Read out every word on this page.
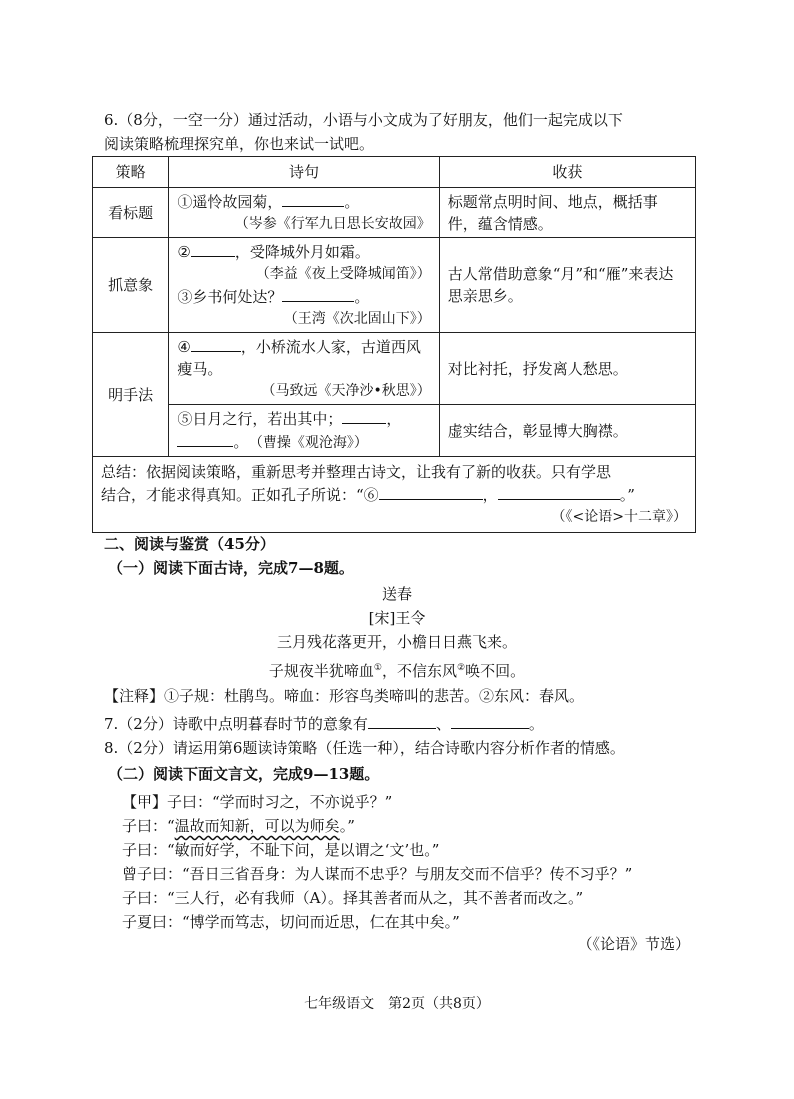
6.（8分，一空一分）通过活动，小语与小文成为了好朋友，他们一起完成以下

阅读策略梳理探究单，你也来试一试吧。

策略	诗句	收获
看标题	①遥怜故园菊， 。
（岑参《行军九日思长安故园》	标题常点明时间、地点，概括事件，蕴含情感。
抓意象	② ，受降城外月如霜。
（李益《夜上受降城闻笛》）
③乡书何处达？ 。
（王湾《次北固山下》）	古人常借助意象“月”和“雁”来表达思亲思乡。
明手法	④ ，小桥流水人家，古道西风瘦马。
（马致远《天净沙•秋思》）	对比衬托，抒发离人愁思。
	⑤日月之行，若出其中； ，
。　 （曹操《观沧海》）	虚实结合，彰显博大胸襟。

总结：依据阅读策略，重新思考并整理古诗文，让我有了新的收获。只有学思
结合，才能求得真知。正如孔子所说：“⑥ ， 。”
（《<论语>十二章》）		

二、阅读与鉴赏（45分）

（一）阅读下面古诗，完成7—8题。

送春

[宋]王令

三月残花落更开，小檐日日燕飞来。

子规夜半犹啼血①，不信东风②唤不回。

【注释】①子规：杜鹃鸟。啼血：形容鸟类啼叫的悲苦。②东风：春风。

7.（2分）诗歌中点明暮春时节的意象有	、	。

8.（2分）请运用第6题读诗策略（任选一种），结合诗歌内容分析作者的情感。

（二）阅读下面文言文，完成9—13题。

【甲】子曰：“学而时习之，不亦说乎？”

子曰：“温故而知新，可以为师矣。”

子曰：“敏而好学，不耻下问，是以谓之‘文’也。”

曾子曰：“吾日三省吾身：为人谋而不忠乎？与朋友交而不信乎？传不习乎？”

子曰：“三人行，必有我师（A）。择其善者而从之，其不善者而改之。”

子夏曰：“博学而笃志，切问而近思，仁在其中矣。”

（《论语》节选）

七年级语文　第2页（共8页）
